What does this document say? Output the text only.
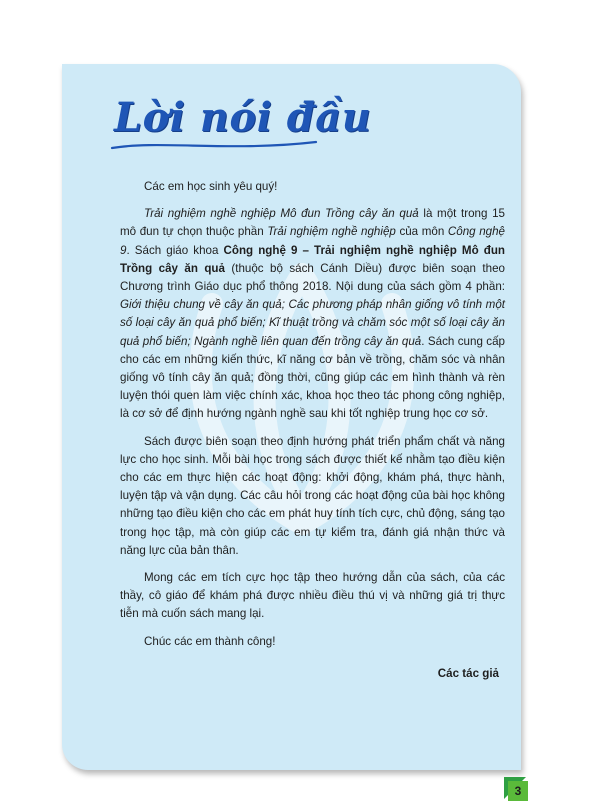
Lời nói đầu

Các em học sinh yêu quý!

Trải nghiệm nghề nghiệp Mô đun Trồng cây ăn quả là một trong 15 mô đun tự chọn thuộc phần Trải nghiệm nghề nghiệp của môn Công nghệ 9. Sách giáo khoa Công nghệ 9 – Trải nghiệm nghề nghiệp Mô đun Trồng cây ăn quả (thuộc bộ sách Cánh Diều) được biên soạn theo Chương trình Giáo dục phổ thông 2018. Nội dung của sách gồm 4 phần: Giới thiệu chung về cây ăn quả; Các phương pháp nhân giống vô tính một số loại cây ăn quả phổ biến; Kĩ thuật trồng và chăm sóc một số loại cây ăn quả phổ biến; Ngành nghề liên quan đến trồng cây ăn quả. Sách cung cấp cho các em những kiến thức, kĩ năng cơ bản về trồng, chăm sóc và nhân giống vô tính cây ăn quả; đồng thời, cũng giúp các em hình thành và rèn luyện thói quen làm việc chính xác, khoa học theo tác phong công nghiệp, là cơ sở để định hướng ngành nghề sau khi tốt nghiệp trung học cơ sở.

Sách được biên soạn theo định hướng phát triển phẩm chất và năng lực cho học sinh. Mỗi bài học trong sách được thiết kế nhằm tạo điều kiện cho các em thực hiện các hoạt động: khởi động, khám phá, thực hành, luyện tập và vận dụng. Các câu hỏi trong các hoạt động của bài học không những tạo điều kiện cho các em phát huy tính tích cực, chủ động, sáng tạo trong học tập, mà còn giúp các em tự kiểm tra, đánh giá nhận thức và năng lực của bản thân.

Mong các em tích cực học tập theo hướng dẫn của sách, của các thầy, cô giáo để khám phá được nhiều điều thú vị và những giá trị thực tiễn mà cuốn sách mang lại.

Chúc các em thành công!

Các tác giả

3
